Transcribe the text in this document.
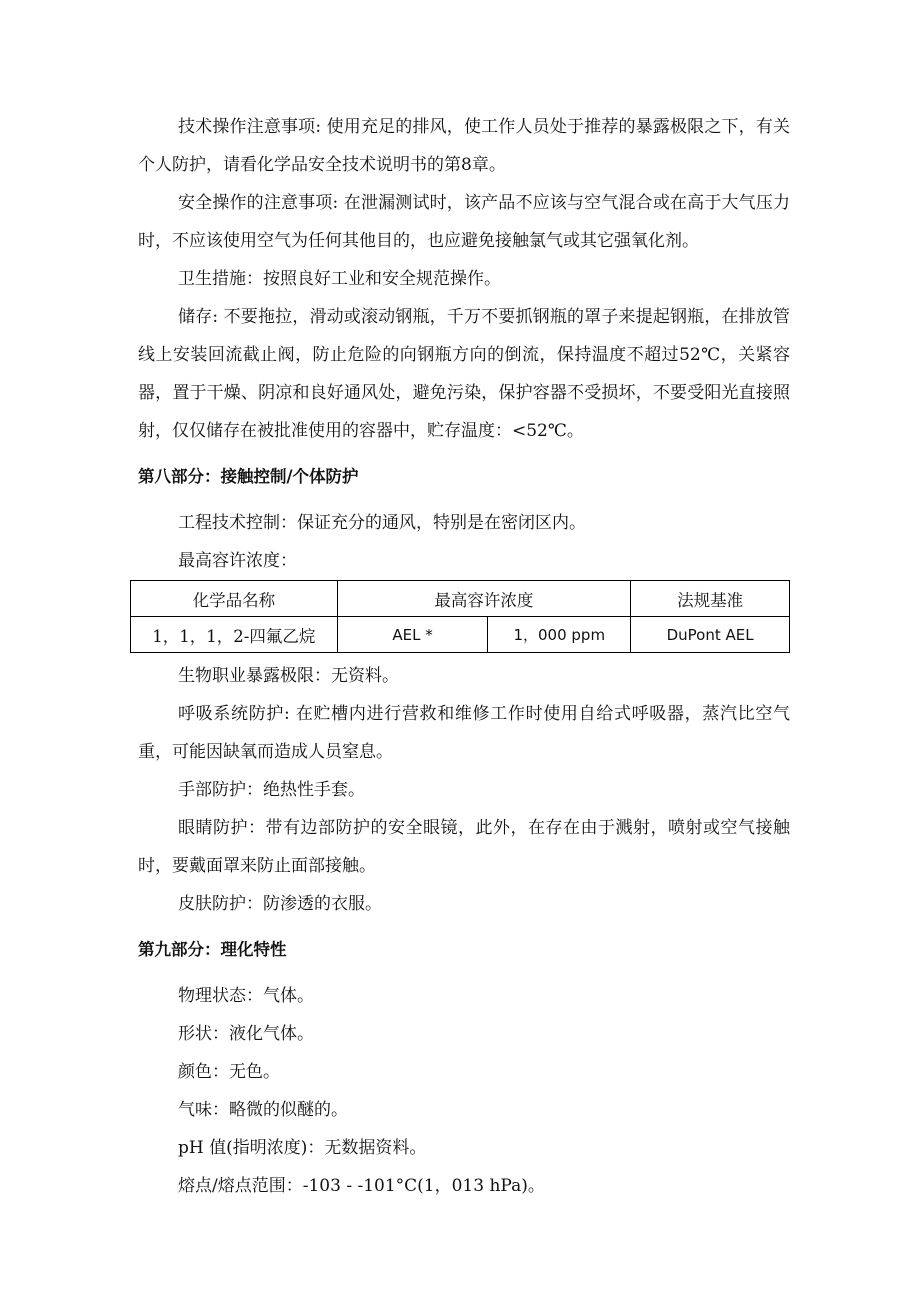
技术操作注意事项: 使用充足的排风，使工作人员处于推荐的暴露极限之下，有关个人防护，请看化学品安全技术说明书的第8章。

安全操作的注意事项: 在泄漏测试时，该产品不应该与空气混合或在高于大气压力时，不应该使用空气为任何其他目的，也应避免接触氯气或其它强氧化剂。

卫生措施：按照良好工业和安全规范操作。

储存: 不要拖拉，滑动或滚动钢瓶，千万不要抓钢瓶的罩子来提起钢瓶，在排放管线上安装回流截止阀，防止危险的向钢瓶方向的倒流，保持温度不超过52℃，关紧容器，置于干燥、阴凉和良好通风处，避免污染，保护容器不受损坏，不要受阳光直接照射，仅仅储存在被批准使用的容器中，贮存温度：<52℃。

第八部分：接触控制/个体防护

工程技术控制：保证充分的通风，特别是在密闭区内。

最高容许浓度：

化学品名称	最高容许浓度		法规基准
1，1，1，2-四氟乙烷	AEL *	1，000 ppm	DuPont AEL

生物职业暴露极限：无资料。

呼吸系统防护: 在贮槽内进行营救和维修工作时使用自给式呼吸器，蒸汽比空气重，可能因缺氧而造成人员窒息。

手部防护：绝热性手套。

眼睛防护：带有边部防护的安全眼镜，此外，在存在由于溅射，喷射或空气接触时，要戴面罩来防止面部接触。

皮肤防护：防渗透的衣服。

第九部分：理化特性

物理状态：气体。

形状：液化气体。

颜色：无色。

气味：略微的似醚的。

pH 值(指明浓度)：无数据资料。

熔点/熔点范围：-103 - -101°C(1，013 hPa)。
